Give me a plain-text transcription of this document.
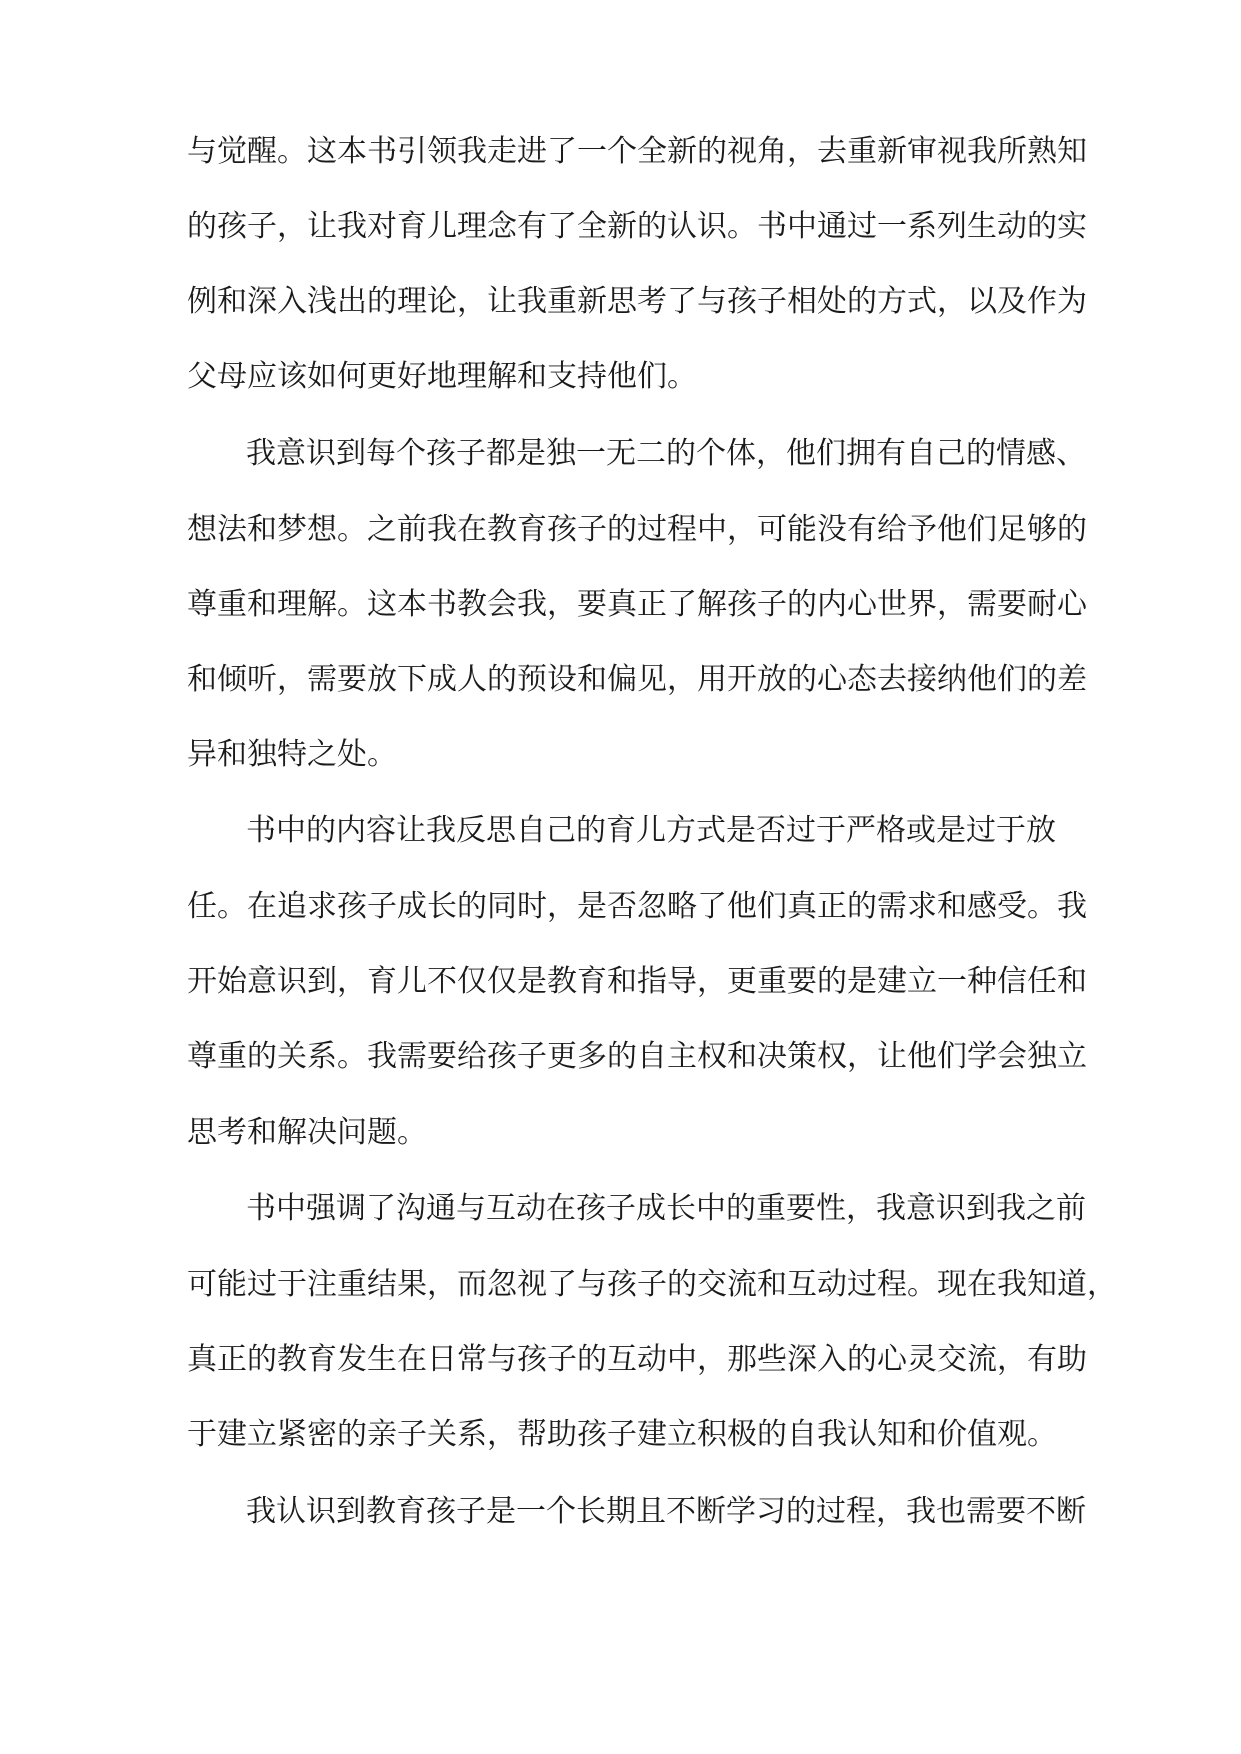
与觉醒。这本书引领我走进了一个全新的视角，去重新审视我所熟知
的孩子，让我对育儿理念有了全新的认识。书中通过一系列生动的实
例和深入浅出的理论，让我重新思考了与孩子相处的方式，以及作为
父母应该如何更好地理解和支持他们。
我意识到每个孩子都是独一无二的个体，他们拥有自己的情感、
想法和梦想。之前我在教育孩子的过程中，可能没有给予他们足够的
尊重和理解。这本书教会我，要真正了解孩子的内心世界，需要耐心
和倾听，需要放下成人的预设和偏见，用开放的心态去接纳他们的差
异和独特之处。
书中的内容让我反思自己的育儿方式是否过于严格或是过于放
任。在追求孩子成长的同时，是否忽略了他们真正的需求和感受。我
开始意识到，育儿不仅仅是教育和指导，更重要的是建立一种信任和
尊重的关系。我需要给孩子更多的自主权和决策权，让他们学会独立
思考和解决问题。
书中强调了沟通与互动在孩子成长中的重要性，我意识到我之前
可能过于注重结果，而忽视了与孩子的交流和互动过程。现在我知道，
真正的教育发生在日常与孩子的互动中，那些深入的心灵交流，有助
于建立紧密的亲子关系，帮助孩子建立积极的自我认知和价值观。
我认识到教育孩子是一个长期且不断学习的过程，我也需要不断
